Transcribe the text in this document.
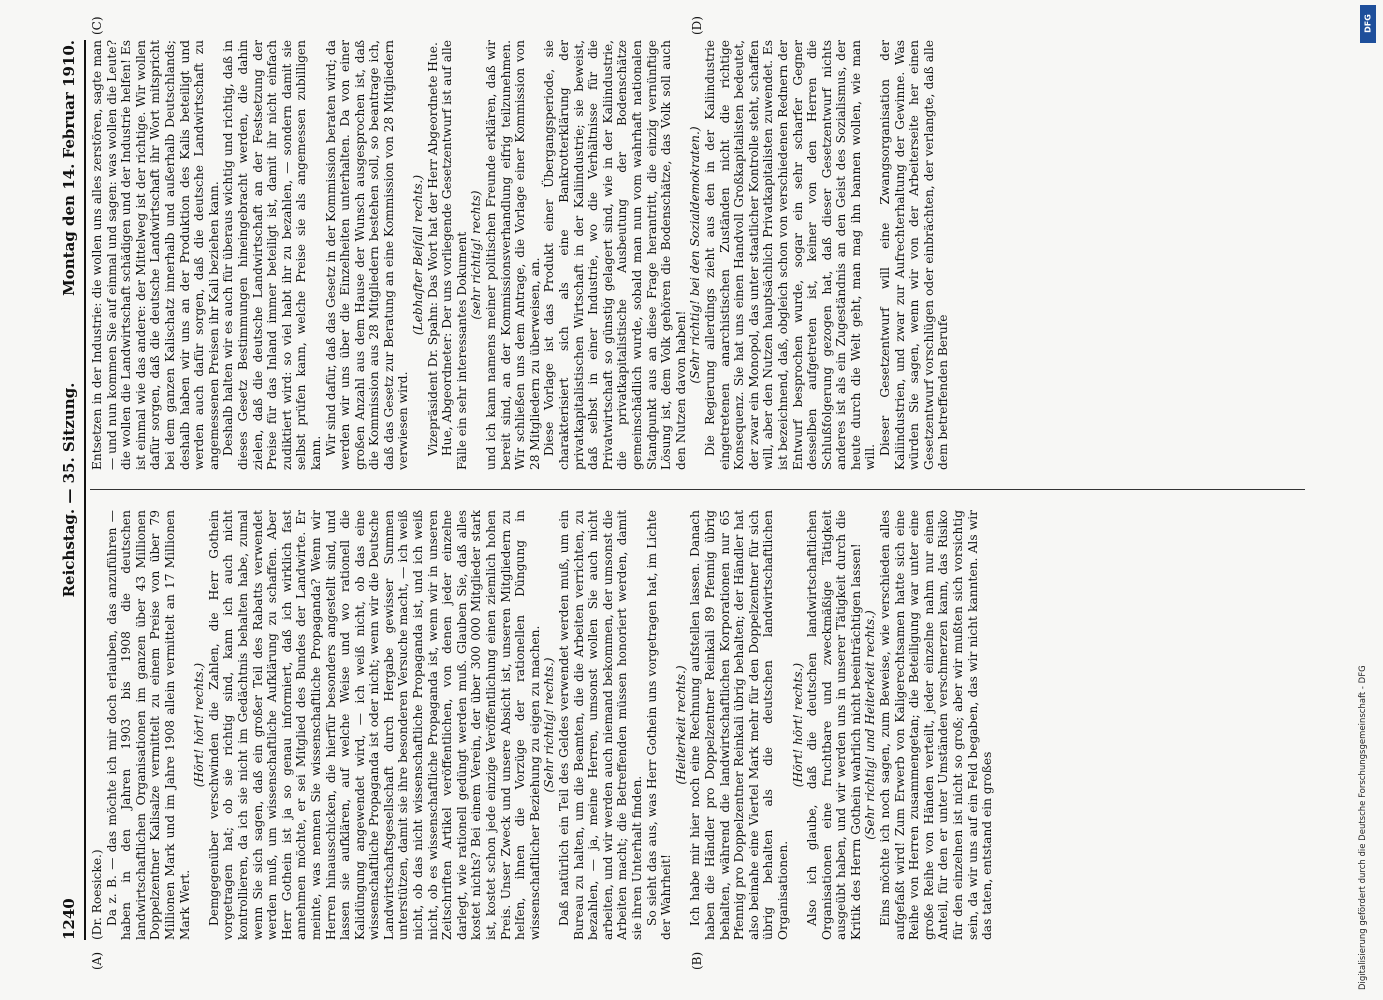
1240
Reichstag. — 35. Sitzung.
Montag den 14. Februar 1910.

(Dr. Roesicke.) Da z. B. — das möchte ich mir doch erlauben, das anzuführen — haben in den Jahren 1903 bis 1908 die deutschen landwirtschaftlichen Organisationen im ganzen über 43 Millionen Doppelzentner Kalisalze vermittelt zu einem Preise von über 79 Millionen Mark und im Jahre 1908 allein vermittelt an 17 Millionen Mark Wert.

(Hört! hört! rechts.) Demgegenüber verschwinden die Zahlen, die Herr Gothein vorgetragen hat; ob sie richtig sind, kann ich auch nicht kontrollieren, da ich sie nicht im Gedächtnis behalten habe, zumal wenn Sie sich sagen, daß ein großer Teil des Rabatts verwendet werden muß, um wissenschaftliche Aufklärung zu schaffen. Aber Herr Gothein ist ja so genau informiert, daß ich wirklich fast annehmen möchte, er sei Mitglied des Bundes der Landwirte. Er meinte, was nennen Sie wissenschaftliche Propaganda? Wenn wir Herren hinausschicken, die hierfür besonders angestellt sind, und lassen sie aufklären, auf welche Weise und wo rationell die Kalidüngung angewendet wird, — ich weiß nicht, ob das eine wissenschaftliche Propaganda ist oder nicht; wenn wir die Deutsche Landwirtschaftsgesellschaft durch Hergabe gewisser Summen unterstützen, damit sie ihre besonderen Versuche macht, — ich weiß nicht, ob das nicht wissenschaftliche Propaganda ist, und ich weiß nicht, ob es wissenschaftliche Propaganda ist, wenn wir in unseren Zeitschriften Artikel veröffentlichen, von denen jeder einzelne darlegt, wie rationell gedüngt werden muß. Glauben Sie, daß alles kostet nichts? Bei einem Verein, der über 300 000 Mitglieder stark ist, kostet schon jede einzige Veröffentlichung einen ziemlich hohen Preis. Unser Zweck und unsere Absicht ist, unseren Mitgliedern zu helfen, ihnen die Vorzüge der rationellen Düngung in wissenschaftlicher Beziehung zu eigen zu machen. (Sehr richtig! rechts.) Daß natürlich ein Teil des Geldes verwendet werden muß, um ein Bureau zu halten, um die Beamten, die die Arbeiten verrichten, zu bezahlen, — ja, meine Herren, umsonst wollen Sie auch nicht arbeiten, und wir werden auch niemand bekommen, der umsonst die Arbeiten macht; die Betreffenden müssen honoriert werden, damit sie ihren Unterhalt finden. So sieht das aus, was Herr Gothein uns vorgetragen hat, im Lichte der Wahrheit!

(Heiterkeit rechts.) Ich habe mir hier noch eine Rechnung aufstellen lassen. Danach haben die Händler pro Doppelzentner Reinkali 89 Pfennig übrig behalten, während die landwirtschaftlichen Korporationen nur 65 Pfennig pro Doppelzentner Reinkali übrig behalten; der Händler hat also beinahe eine Viertel Mark mehr für den Doppelzentner für sich übrig behalten als die deutschen landwirtschaftlichen Organisationen.

(Hört! hört! rechts.) Also ich glaube, daß die deutschen landwirtschaftlichen Organisationen eine fruchtbare und zweckmäßige Tätigkeit ausgeübt haben, und wir werden uns in unserer Tätigkeit durch die Kritik des Herrn Gothein wahrlich nicht beeinträchtigen lassen! (Sehr richtig! und Heiterkeit rechts.) Eins möchte ich noch sagen, zum Beweise, wie verschieden alles aufgefaßt wird! Zum Erwerb von Kaligerechtsamen hatte sich eine Reihe von Herren zusammengetan; die Beteiligung war unter eine große Reihe von Händen verteilt, jeder einzelne nahm nur einen Anteil, für den er unter Umständen verschmerzen kann, das Risiko für den einzelnen ist nicht so groß; aber wir mußten sich vorsichtig sein, da wir uns auf ein Feld begaben, das wir nicht kannten. Als wir das taten, entstand ein großes

Entsetzen in der Industrie: die wollen uns alles zerstören, sagte man — und nun kommen Sie auf einmal und sagen: was wollen die Leute? die wollen die Landwirtschaft schädigen und der Industrie helfen! Es ist einmal wie das andere: der Mittelweg ist der richtige. Wir wollen dafür sorgen, daß die deutsche Landwirtschaft ihr Wort mitspricht bei dem ganzen Kalischatz innerhalb und außerhalb Deutschlands; deshalb haben wir uns an der Produktion des Kalis beteiligt und werden auch dafür sorgen, daß die deutsche Landwirtschaft zu angemessenen Preisen ihr Kali beziehen kann. Deshalb halten wir es auch für überaus wichtig und richtig, daß in dieses Gesetz Bestimmungen hineingebracht werden, die dahin zielen, daß die deutsche Landwirtschaft an der Festsetzung der Preise für das Inland immer beteiligt ist, damit ihr nicht einfach zudiktiert wird: so viel habt ihr zu bezahlen, — sondern damit sie selbst prüfen kann, welche Preise sie als angemessen zubilligen kann. Wir sind dafür, daß das Gesetz in der Kommission beraten wird; da werden wir uns über die Einzelheiten unterhalten. Da von einer großen Anzahl aus dem Hause der Wunsch ausgesprochen ist, daß die Kommission aus 28 Mitgliedern bestehen soll, so beantrage ich, daß das Gesetz zur Beratung an eine Kommission von 28 Mitgliedern verwiesen wird.

(Lebhafter Beifall rechts.) Vizepräsident Dr. Spahn: Das Wort hat der Herr Abgeordnete Hue. Hue, Abgeordneter: Der uns vorliegende Gesetzentwurf ist auf alle Fälle ein sehr interessantes Dokument (sehr richtig! rechts) und ich kann namens meiner politischen Freunde erklären, daß wir bereit sind, an der Kommissionsverhandlung eifrig teilzunehmen. Wir schließen uns dem Antrage, die Vorlage einer Kommission von 28 Mitgliedern zu überweisen, an. Diese Vorlage ist das Produkt einer Übergangsperiode, sie charakterisiert sich als eine Bankrotterklärung der privatkapitalistischen Wirtschaft in der Kaliindustrie; sie beweist, daß selbst in einer Industrie, wo die Verhältnisse für die Privatwirtschaft so günstig gelagert sind, wie in der Kaliindustrie, die privatkapitalistische Ausbeutung der Bodenschätze gemeinschädlich wurde, sobald man nun vom wahrhaft nationalen Standpunkt aus an diese Frage herantritt, die einzig vernünftige Lösung ist, dem Volk gehören die Bodenschätze, das Volk soll auch den Nutzen davon haben!

(Sehr richtig! bei den Sozialdemokraten.) Die Regierung allerdings zieht aus den in der Kaliindustrie eingetretenen anarchistischen Zuständen nicht die richtige Konsequenz. Sie hat uns einen Handvoll Großkapitalisten bedeutet, der zwar ein Monopol, das unter staatlicher Kontrolle steht, schaffen will, aber den Nutzen hauptsächlich Privatkapitalisten zuwendet. Es ist bezeichnend, daß, obgleich schon von verschiedenen Rednern der Entwurf besprochen wurde, sogar ein sehr scharfer Gegner desselben aufgetreten ist, keiner von den Herren die Schlußfolgerung gezogen hat, daß dieser Gesetzentwurf nichts anderes ist als ein Zugeständnis an den Geist des Sozialismus, der heute durch die Welt geht, man mag ihn bannen wollen, wie man will.

Dieser Gesetzentwurf will eine Zwangsorganisation der Kaliindustrien, und zwar zur Aufrechterhaltung der Gewinne. Was würden Sie sagen, wenn wir von der Arbeiterseite her einen Gesetzentwurf vorschlügen oder einbrächten, der verlangte, daß alle dem betreffenden Berufe

(A)	(B)
(C)	(D)	DFG
Digitalisierung gefördert durch die Deutsche Forschungsgemeinschaft - DFG
